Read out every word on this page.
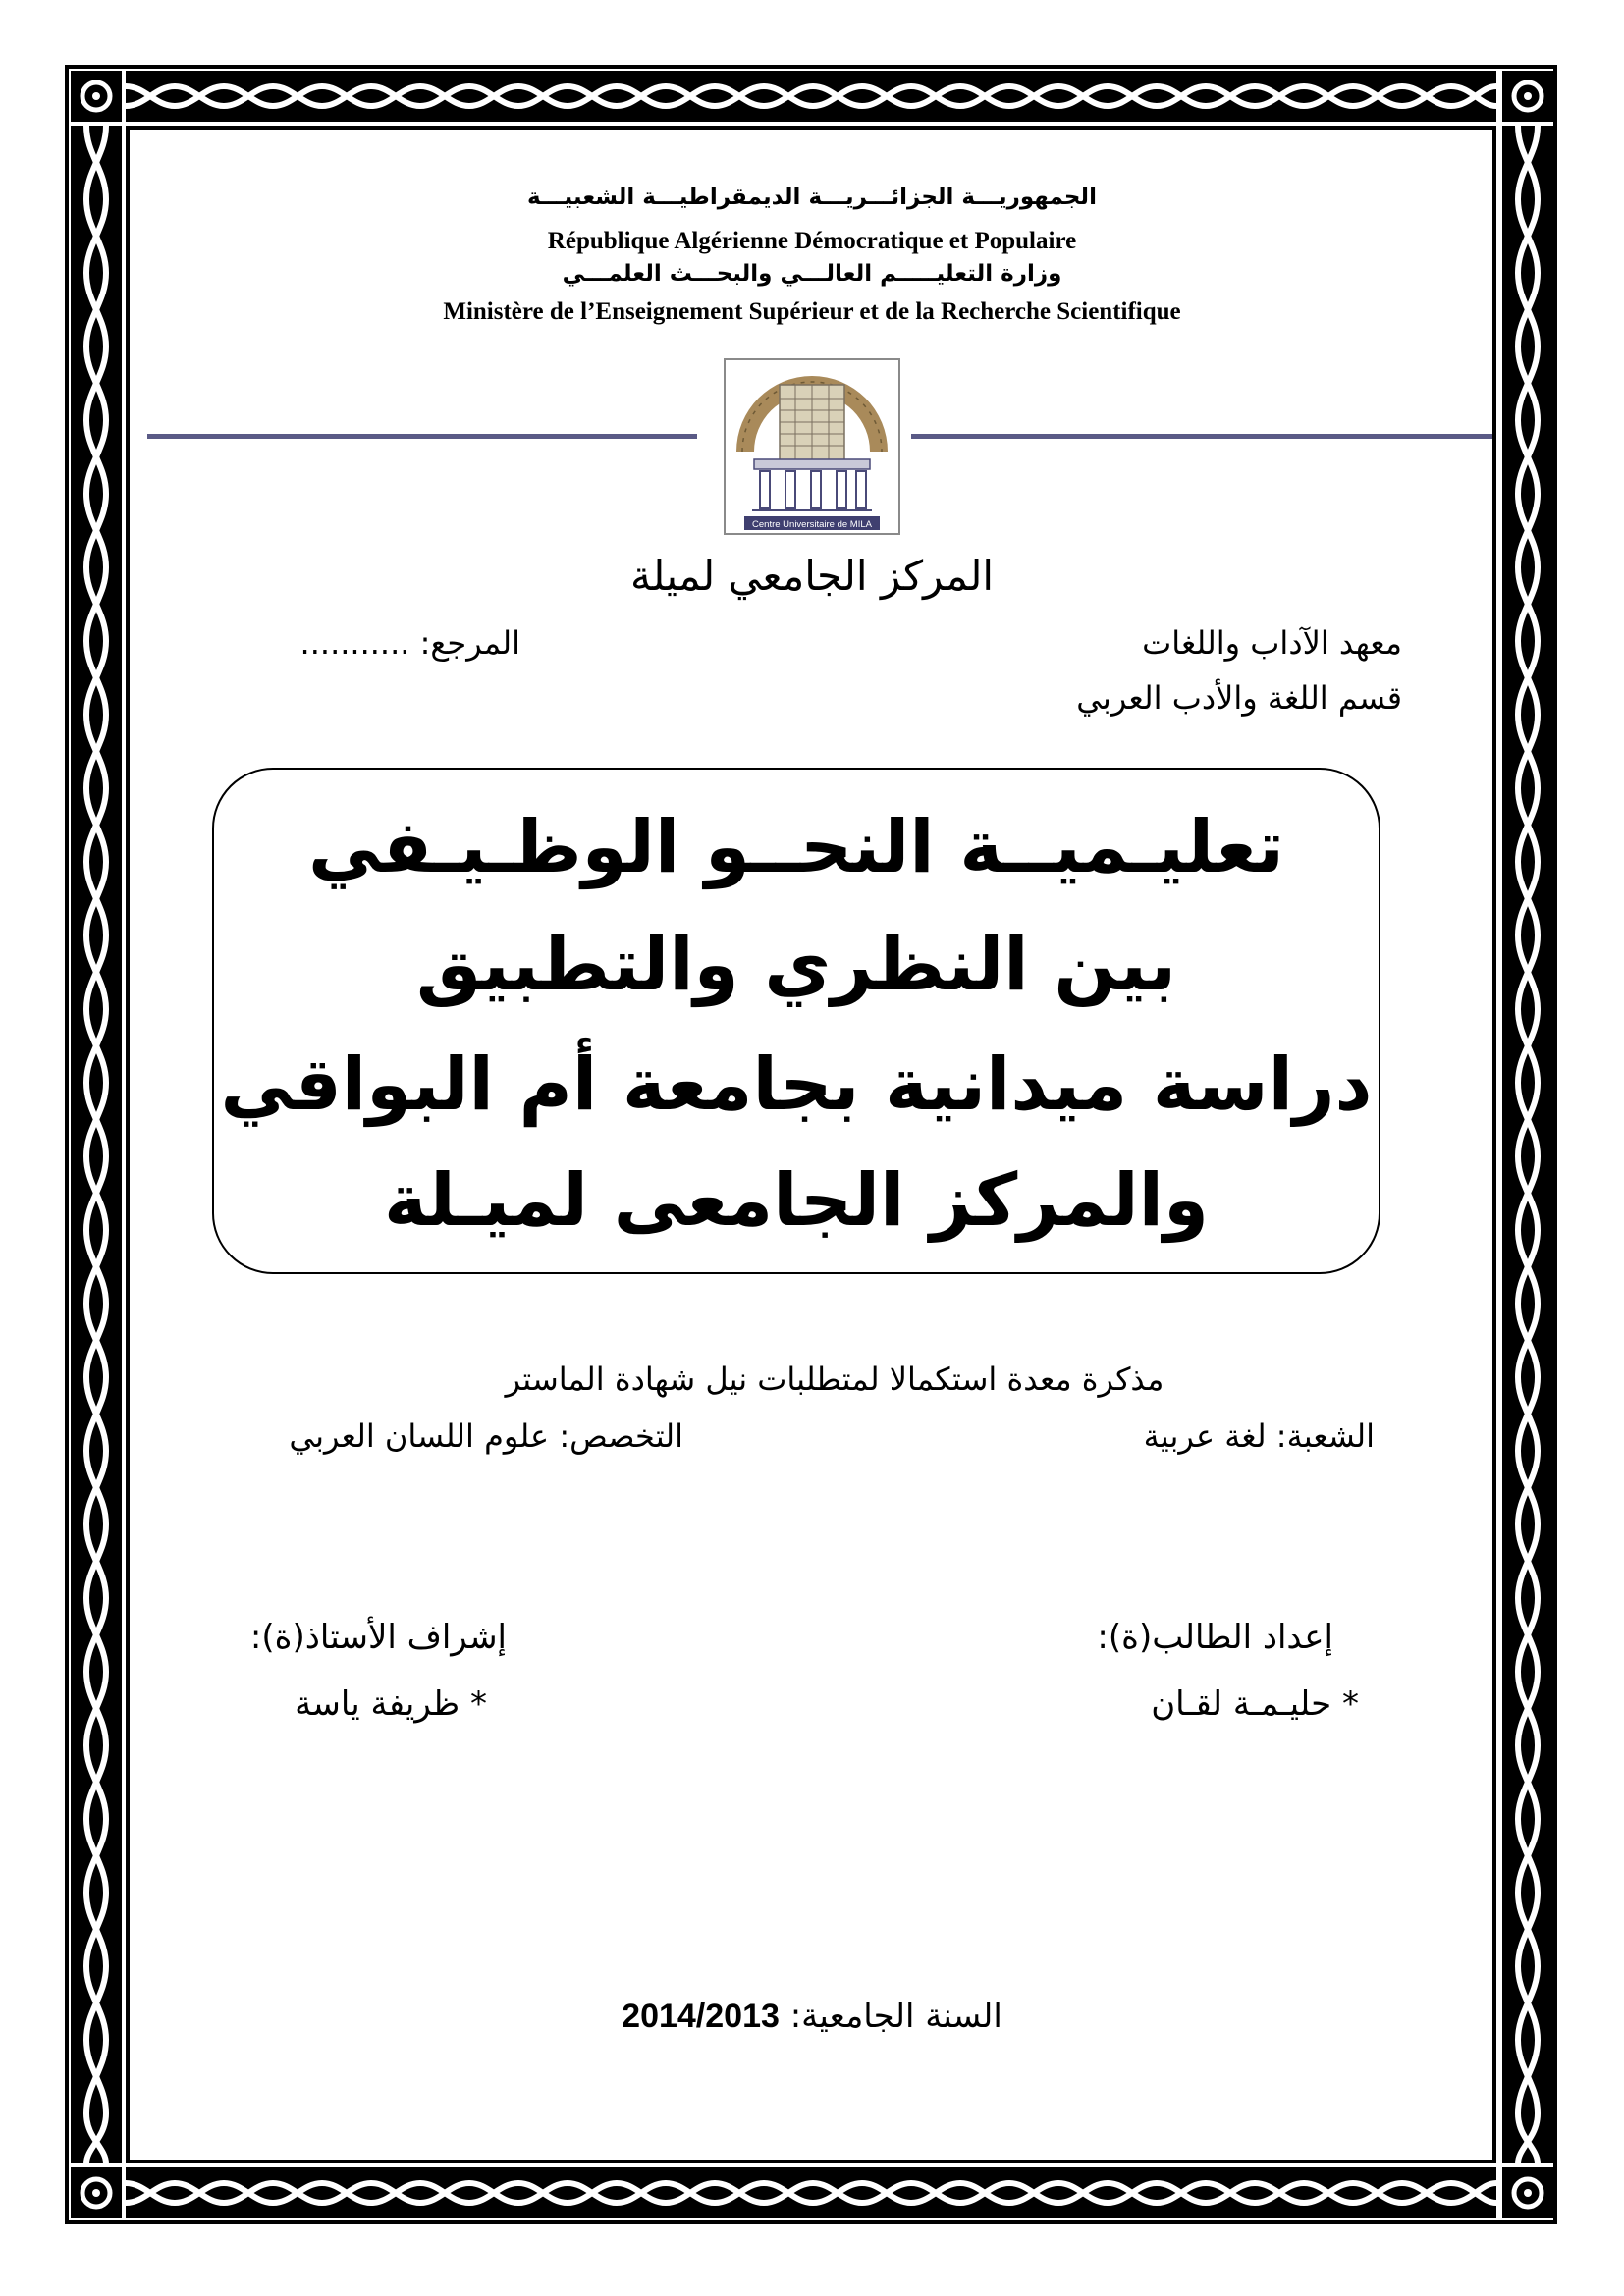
الجمهوريـــة الجزائـــريـــة الديمقراطيـــة الشعبيـــة
République Algérienne Démocratique et Populaire
وزارة التعليـــــم العالـــي والبحـــث العلمـــي
Ministère de l’Enseignement Supérieur et de la Recherche Scientifique
Centre Universitaire de MILA
المركز الجامعي لميلة
معهد الآداب واللغات
المرجع: ...........
قسم اللغة والأدب العربي
تعليـميــة النحــو الوظـيـفي
بين النظري والتطبيق
دراسة ميدانية بجامعة أم البواقي
والمركز الجامعى لميـلة
مذكرة معدة استكمالا لمتطلبات نيل شهادة الماستر
الشعبة: لغة عربية
التخصص: علوم اللسان العربي
إعداد الطالب(ة):
إشراف الأستاذ(ة):
* حليـمـة لقـان
* ظريفة ياسة
السنة الجامعية: 2014/2013
